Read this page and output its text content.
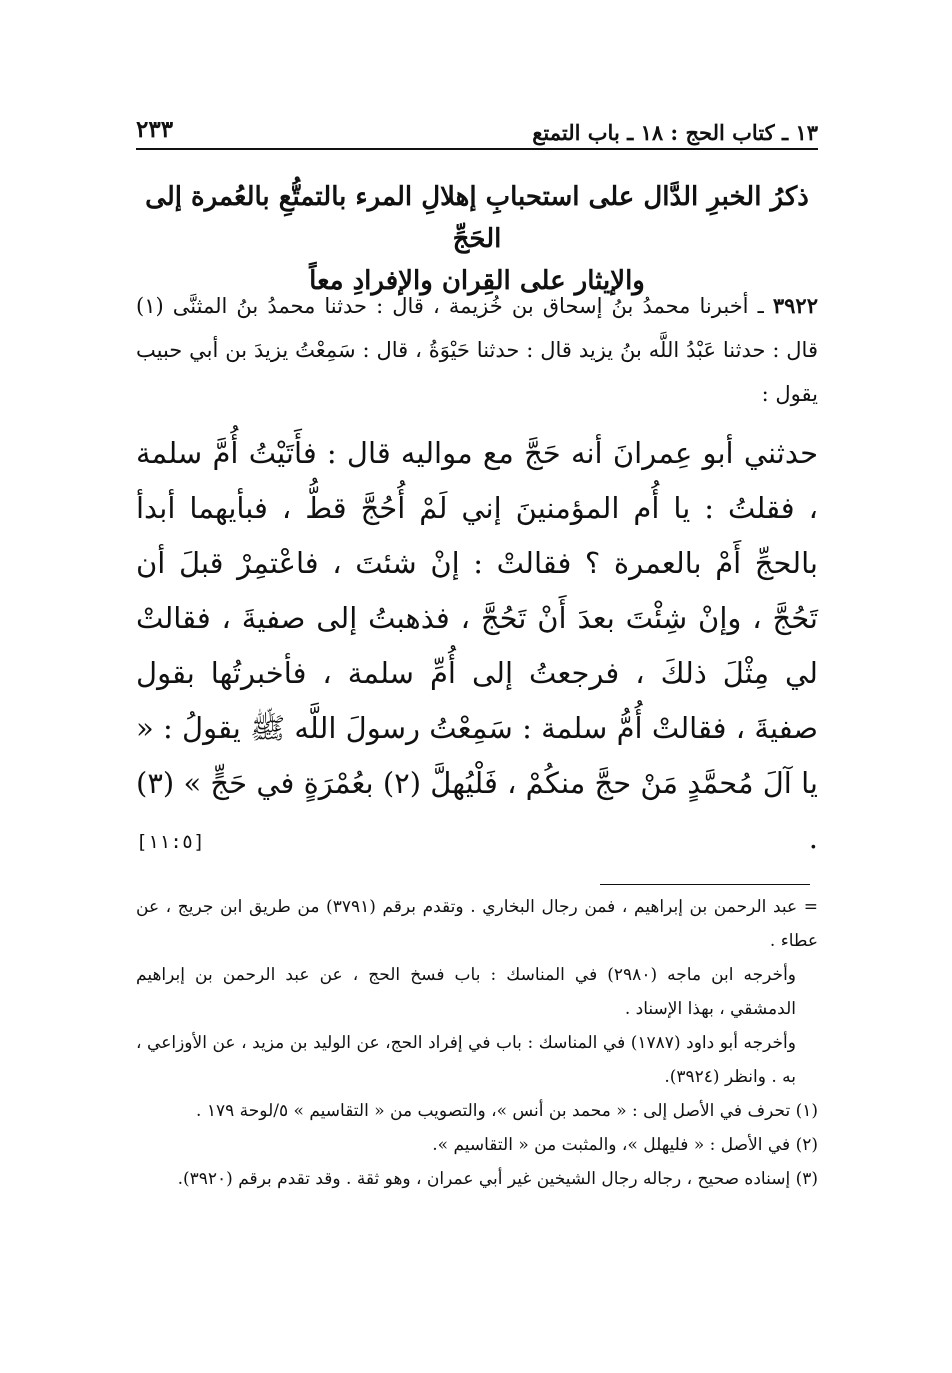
١٣ ـ كتاب الحج : ١٨ ـ باب التمتع
٢٣٣
ذكرُ الخبرِ الدَّال على استحبابِ إهلالِ المرء بالتمتُّعِ بالعُمرة إلى الحَجِّ
والإيثار على القِران والإفرادِ معاً
٣٩٢٢ ـ أخبرنا محمدُ بنُ إسحاق بن خُزيمة ، قال : حدثنا محمدُ بنُ المثنَّى (١) قال : حدثنا عَبْدُ اللَّه بنُ يزيد قال : حدثنا حَيْوَةُ ، قال : سَمِعْتُ يزيدَ بن أبي حبيب يقول :
حدثني أبو عِمرانَ أنه حَجَّ مع مواليه قال : فأَتَيْتُ أُمَّ سلمة ، فقلتُ : يا أُم المؤمنينَ إني لَمْ أُحُجَّ قطُّ ، فبأيهما أبدأ بالحجِّ أَمْ بالعمرة ؟ فقالتْ : إنْ شئتَ ، فاعْتمِرْ قبلَ أن تَحُجَّ ، وإنْ شِئْتَ بعدَ أَنْ تَحُجَّ ، فذهبتُ إلى صفيةَ ، فقالتْ لي مِثْلَ ذلكَ ، فرجعتُ إلى أُمِّ سلمة ، فأخبرتُها بقول صفيةَ ، فقالتْ أُمُّ سلمة : سَمِعْتُ رسولَ اللَّه ﷺ يقولُ : « يا آلَ مُحمَّدٍ مَنْ حجَّ منكُمْ ، فَلْيُهلَّ (٢) بعُمْرَةٍ في حَجٍّ » (٣) .
[١١:٥]

= عبد الرحمن بن إبراهيم ، فمن رجال البخاري . وتقدم برقم (٣٧٩١) من طريق ابن جريج ، عن عطاء .

وأخرجه ابن ماجه (٢٩٨٠) في المناسك : باب فسخ الحج ، عن عبد الرحمن بن إبراهيم الدمشقي ، بهذا الإسناد .

وأخرجه أبو داود (١٧٨٧) في المناسك : باب في إفراد الحج، عن الوليد بن مزيد ، عن الأوزاعي ، به . وانظر (٣٩٢٤).

(١) تحرف في الأصل إلى : « محمد بن أنس »، والتصويب من « التقاسيم » ٥/لوحة ١٧٩ .

(٢) في الأصل : « فليهلل »، والمثبت من « التقاسيم ».

(٣) إسناده صحيح ، رجاله رجال الشيخين غير أبي عمران ، وهو ثقة . وقد تقدم برقم (٣٩٢٠).
